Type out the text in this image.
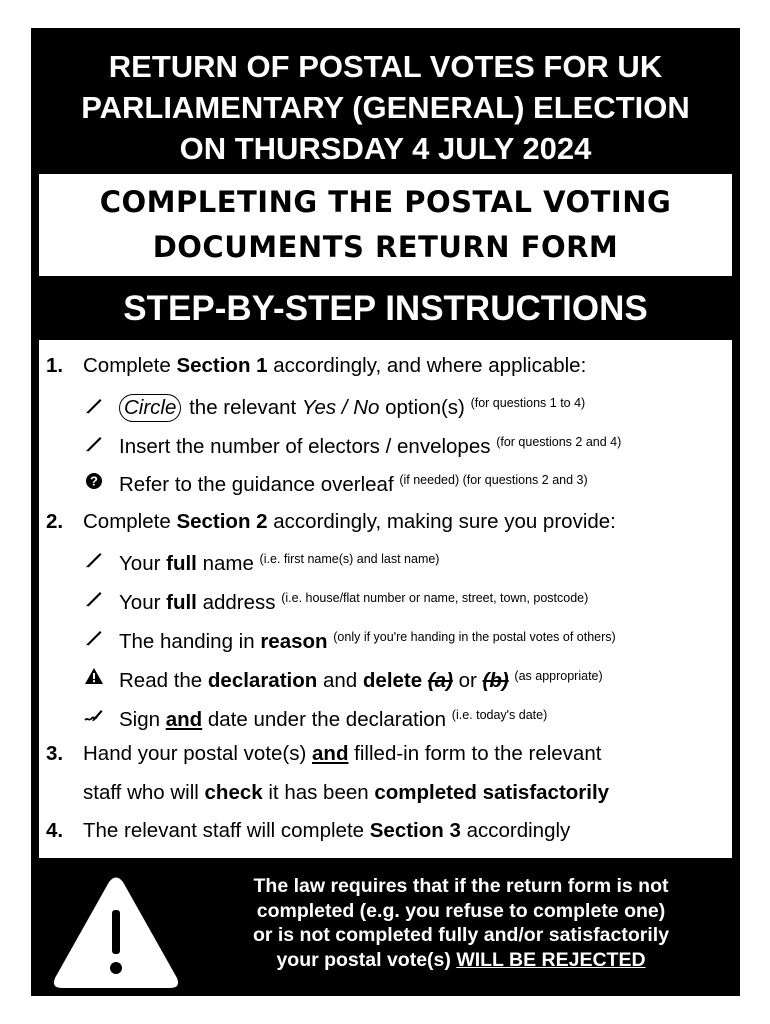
RETURN OF POSTAL VOTES FOR UK
PARLIAMENTARY (GENERAL) ELECTION
ON THURSDAY 4 JULY 2024
COMPLETING THE POSTAL VOTING
DOCUMENTS RETURN FORM
STEP-BY-STEP INSTRUCTIONS
1. Complete Section 1 accordingly, and where applicable:
Circle the relevant Yes / No option(s) $^{(for questions 1 to 4)}$
Insert the number of electors / envelopes $^{(for questions 2 and 4)}$
? Refer to the guidance overleaf $^{(if needed) (for questions 2 and 3)}$
2. Complete Section 2 accordingly, making sure you provide:
Your full name $^{(i.e. first name(s) and last name)}$
Your full address $^{(i.e. house/flat number or name, street, town, postcode)}$
The handing in reason $^{(only if you're handing in the postal votes of others)}$
Read the declaration and delete (a) or (b) $^{(as appropriate)}$
Sign and date under the declaration $^{(i.e. today's date)}$
3. Hand your postal vote(s) and filled-in form to the relevant
staff who will check it has been completed satisfactorily
4. The relevant staff will complete Section 3 accordingly
The law requires that if the return form is not
completed (e.g. you refuse to complete one)
or is not completed fully and/or satisfactorily
your postal vote(s) WILL BE REJECTED
